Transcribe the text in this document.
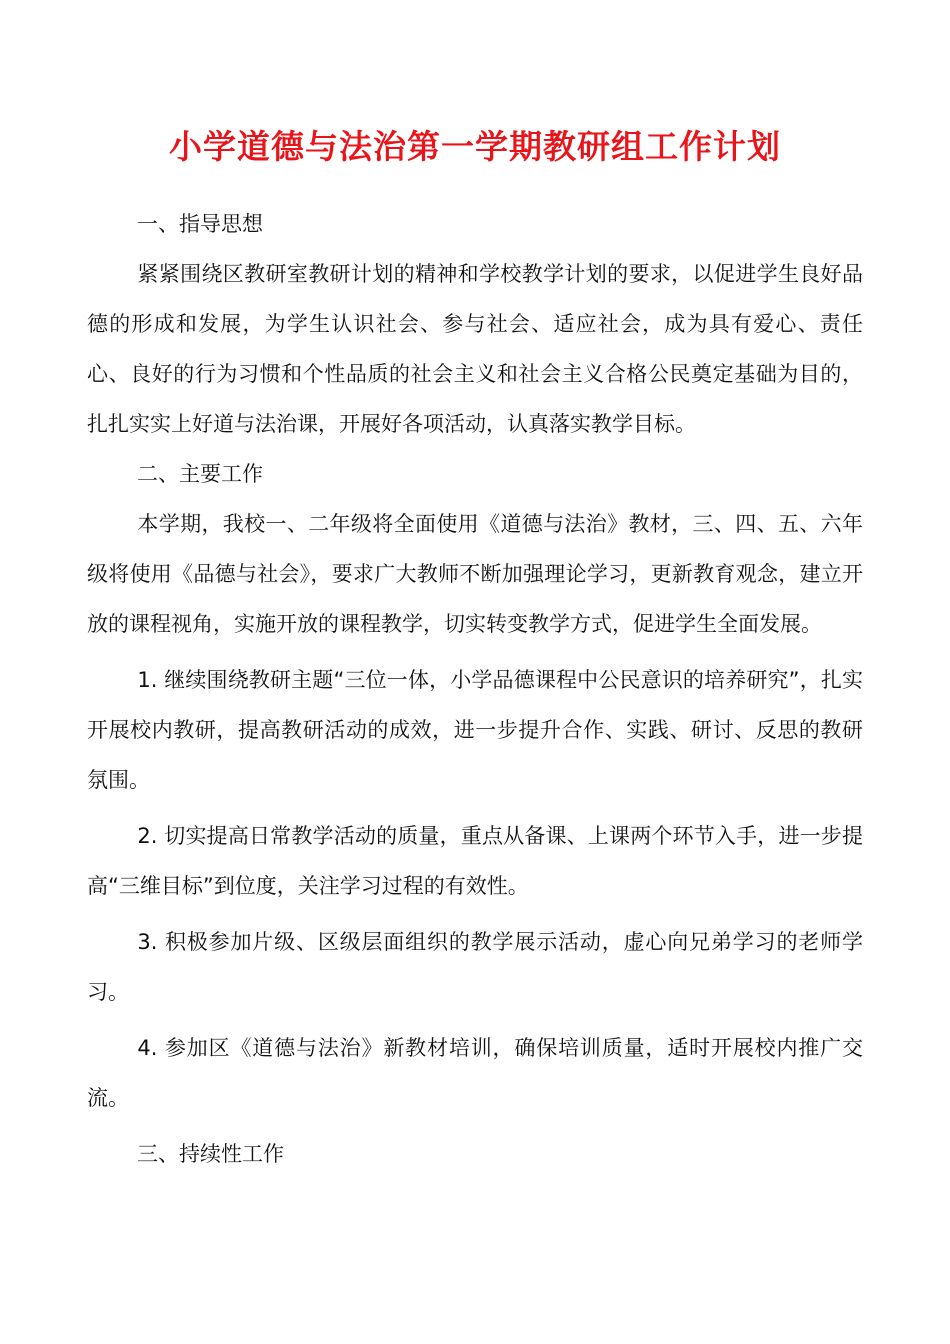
小学道德与法治第一学期教研组工作计划

一、指导思想

紧紧围绕区教研室教研计划的精神和学校教学计划的要求，以促进学生良好品德的形成和发展，为学生认识社会、参与社会、适应社会，成为具有爱心、责任心、良好的行为习惯和个性品质的社会主义和社会主义合格公民奠定基础为目的，扎扎实实上好道与法治课，开展好各项活动，认真落实教学目标。

二、主要工作

本学期，我校一、二年级将全面使用《道德与法治》教材，三、四、五、六年级将使用《品德与社会》，要求广大教师不断加强理论学习，更新教育观念，建立开放的课程视角，实施开放的课程教学，切实转变教学方式，促进学生全面发展。

1. 继续围绕教研主题“三位一体，小学品德课程中公民意识的培养研究”，扎实开展校内教研，提高教研活动的成效，进一步提升合作、实践、研讨、反思的教研氛围。

2. 切实提高日常教学活动的质量，重点从备课、上课两个环节入手，进一步提高“三维目标”到位度，关注学习过程的有效性。

3. 积极参加片级、区级层面组织的教学展示活动，虚心向兄弟学习的老师学习。

4. 参加区《道德与法治》新教材培训，确保培训质量，适时开展校内推广交流。

三、持续性工作
